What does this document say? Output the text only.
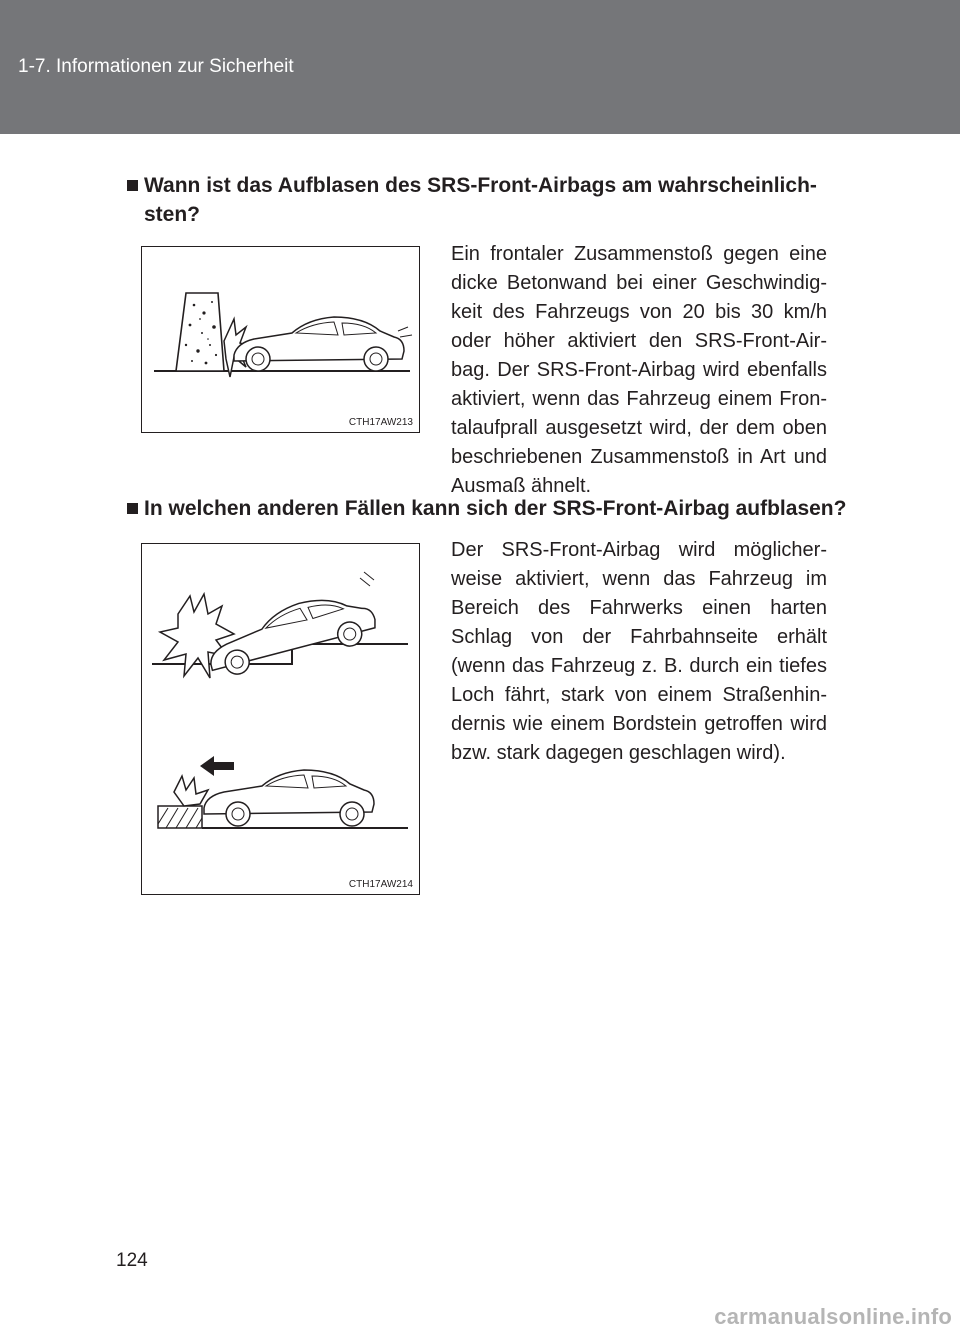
1-7. Informationen zur Sicherheit
Wann ist das Aufblasen des SRS-Front-Airbags am wahrscheinlich-
sten?
CTH17AW213
Ein frontaler Zusammenstoß gegen eine dicke Betonwand bei einer Geschwindig-keit des Fahrzeugs von 20 bis 30 km/h oder höher aktiviert den SRS-Front-Air-bag. Der SRS-Front-Airbag wird ebenfalls aktiviert, wenn das Fahrzeug einem Fron-talaufprall ausgesetzt wird, der dem oben beschriebenen Zusammenstoß in Art und Ausmaß ähnelt.
In welchen anderen Fällen kann sich der SRS-Front-Airbag aufblasen?
CTH17AW214
Der SRS-Front-Airbag wird möglicher-weise aktiviert, wenn das Fahrzeug im Bereich des Fahrwerks einen harten Schlag von der Fahrbahnseite erhält (wenn das Fahrzeug z. B. durch ein tiefes Loch fährt, stark von einem Straßenhin-dernis wie einem Bordstein getroffen wird bzw. stark dagegen geschlagen wird).
124
carmanualsonline.info
